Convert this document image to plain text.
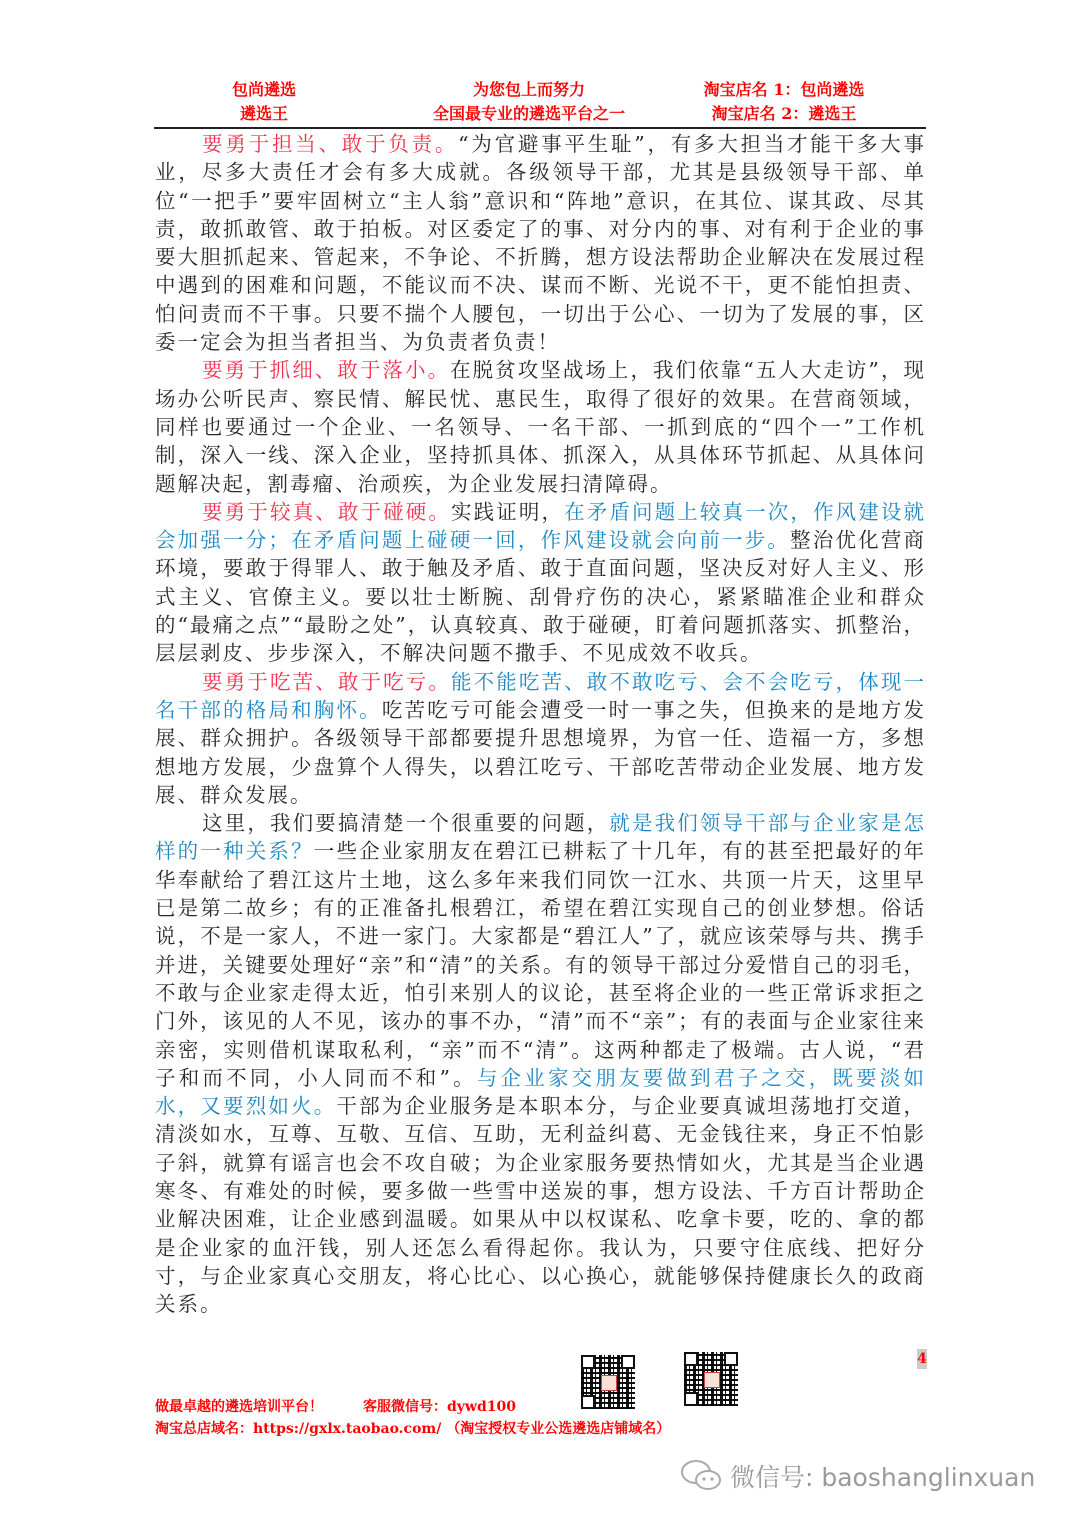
包尚遴选
遴选王
为您包上而努力
全国最专业的遴选平台之一
淘宝店名 1：包尚遴选
淘宝店名 2：遴选王

要勇于担当、敢于负责。“为官避事平生耻”，有多大担当才能干多大事业，尽多大责任才会有多大成就。各级领导干部，尤其是县级领导干部、单位“一把手”要牢固树立“主人翁”意识和“阵地”意识，在其位、谋其政、尽其责，敢抓敢管、敢于拍板。对区委定了的事、对分内的事、对有利于企业的事要大胆抓起来、管起来，不争论、不折腾，想方设法帮助企业解决在发展过程中遇到的困难和问题，不能议而不决、谋而不断、光说不干，更不能怕担责、怕问责而不干事。只要不揣个人腰包，一切出于公心、一切为了发展的事，区委一定会为担当者担当、为负责者负责！

要勇于抓细、敢于落小。在脱贫攻坚战场上，我们依靠“五人大走访”，现场办公听民声、察民情、解民忧、惠民生，取得了很好的效果。在营商领域，同样也要通过一个企业、一名领导、一名干部、一抓到底的“四个一”工作机制，深入一线、深入企业，坚持抓具体、抓深入，从具体环节抓起、从具体问题解决起，割毒瘤、治顽疾，为企业发展扫清障碍。

要勇于较真、敢于碰硬。实践证明，在矛盾问题上较真一次，作风建设就会加强一分；在矛盾问题上碰硬一回，作风建设就会向前一步。整治优化营商环境，要敢于得罪人、敢于触及矛盾、敢于直面问题，坚决反对好人主义、形式主义、官僚主义。要以壮士断腕、刮骨疗伤的决心，紧紧瞄准企业和群众的“最痛之点”“最盼之处”，认真较真、敢于碰硬，盯着问题抓落实、抓整治，层层剥皮、步步深入，不解决问题不撒手、不见成效不收兵。

要勇于吃苦、敢于吃亏。能不能吃苦、敢不敢吃亏、会不会吃亏，体现一名干部的格局和胸怀。吃苦吃亏可能会遭受一时一事之失，但换来的是地方发展、群众拥护。各级领导干部都要提升思想境界，为官一任、造福一方，多想想地方发展，少盘算个人得失，以碧江吃亏、干部吃苦带动企业发展、地方发展、群众发展。

这里，我们要搞清楚一个很重要的问题，就是我们领导干部与企业家是怎样的一种关系？一些企业家朋友在碧江已耕耘了十几年，有的甚至把最好的年华奉献给了碧江这片土地，这么多年来我们同饮一江水、共顶一片天，这里早已是第二故乡；有的正准备扎根碧江，希望在碧江实现自己的创业梦想。俗话说，不是一家人，不进一家门。大家都是“碧江人”了，就应该荣辱与共、携手并进，关键要处理好“亲”和“清”的关系。有的领导干部过分爱惜自己的羽毛，不敢与企业家走得太近，怕引来别人的议论，甚至将企业的一些正常诉求拒之门外，该见的人不见，该办的事不办，“清”而不“亲”；有的表面与企业家往来亲密，实则借机谋取私利，“亲”而不“清”。这两种都走了极端。古人说，“君子和而不同，小人同而不和”。与企业家交朋友要做到君子之交，既要淡如水，又要烈如火。干部为企业服务是本职本分，与企业要真诚坦荡地打交道，清淡如水，互尊、互敬、互信、互助，无利益纠葛、无金钱往来，身正不怕影子斜，就算有谣言也会不攻自破；为企业家服务要热情如火，尤其是当企业遇寒冬、有难处的时候，要多做一些雪中送炭的事，想方设法、千方百计帮助企业解决困难，让企业感到温暖。如果从中以权谋私、吃拿卡要，吃的、拿的都是企业家的血汗钱，别人还怎么看得起你。我认为，只要守住底线、把好分寸，与企业家真心交朋友，将心比心、以心换心，就能够保持健康长久的政商关系。

4
做最卓越的遴选培训平台！	客服微信号：dywd100
淘宝总店域名：https://gxlx.taobao.com/ （淘宝授权专业公选遴选店铺域名）
微信号: baoshanglinxuan
